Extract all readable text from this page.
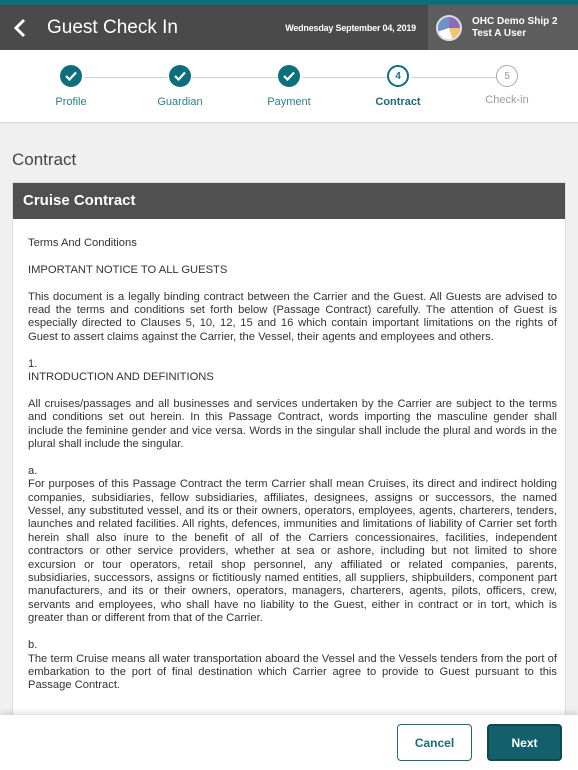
Guest Check In	Wednesday September 04, 2019
OHC Demo Ship 2
Test A User
Profile	Guardian	Payment
4
Contract
5
Check-in
Contract
Cruise Contract

Terms And Conditions

IMPORTANT NOTICE TO ALL GUESTS

This document is a legally binding contract between the Carrier and the Guest. All Guests are advised to read the terms and conditions set forth below (Passage Contract) carefully. The attention of Guest is especially directed to Clauses 5, 10, 12, 15 and 16 which contain important limitations on the rights of Guest to assert claims against the Carrier, the Vessel, their agents and employees and others.

1.
INTRODUCTION AND DEFINITIONS

All cruises/passages and all businesses and services undertaken by the Carrier are subject to the terms and conditions set out herein. In this Passage Contract, words importing the masculine gender shall include the feminine gender and vice versa. Words in the singular shall include the plural and words in the plural shall include the singular.

a.
For purposes of this Passage Contract the term Carrier shall mean Cruises, its direct and indirect holding companies, subsidiaries, fellow subsidiaries, affiliates, designees, assigns or successors, the named Vessel, any substituted vessel, and its or their owners, operators, employees, agents, charterers, tenders, launches and related facilities. All rights, defences, immunities and limitations of liability of Carrier set forth herein shall also inure to the benefit of all of the Carriers concessionaires, facilities, independent contractors or other service providers, whether at sea or ashore, including but not limited to shore excursion or tour operators, retail shop personnel, any affiliated or related companies, parents, subsidiaries, successors, assigns or fictitiously named entities, all suppliers, shipbuilders, component part manufacturers, and its or their owners, operators, managers, charterers, agents, pilots, officers, crew, servants and employees, who shall have no liability to the Guest, either in contract or in tort, which is greater than or different from that of the Carrier.

b.
The term Cruise means all water transportation aboard the Vessel and the Vessels tenders from the port of embarkation to the port of final destination which Carrier agree to provide to Guest pursuant to this Passage Contract.

Cancel	Next
